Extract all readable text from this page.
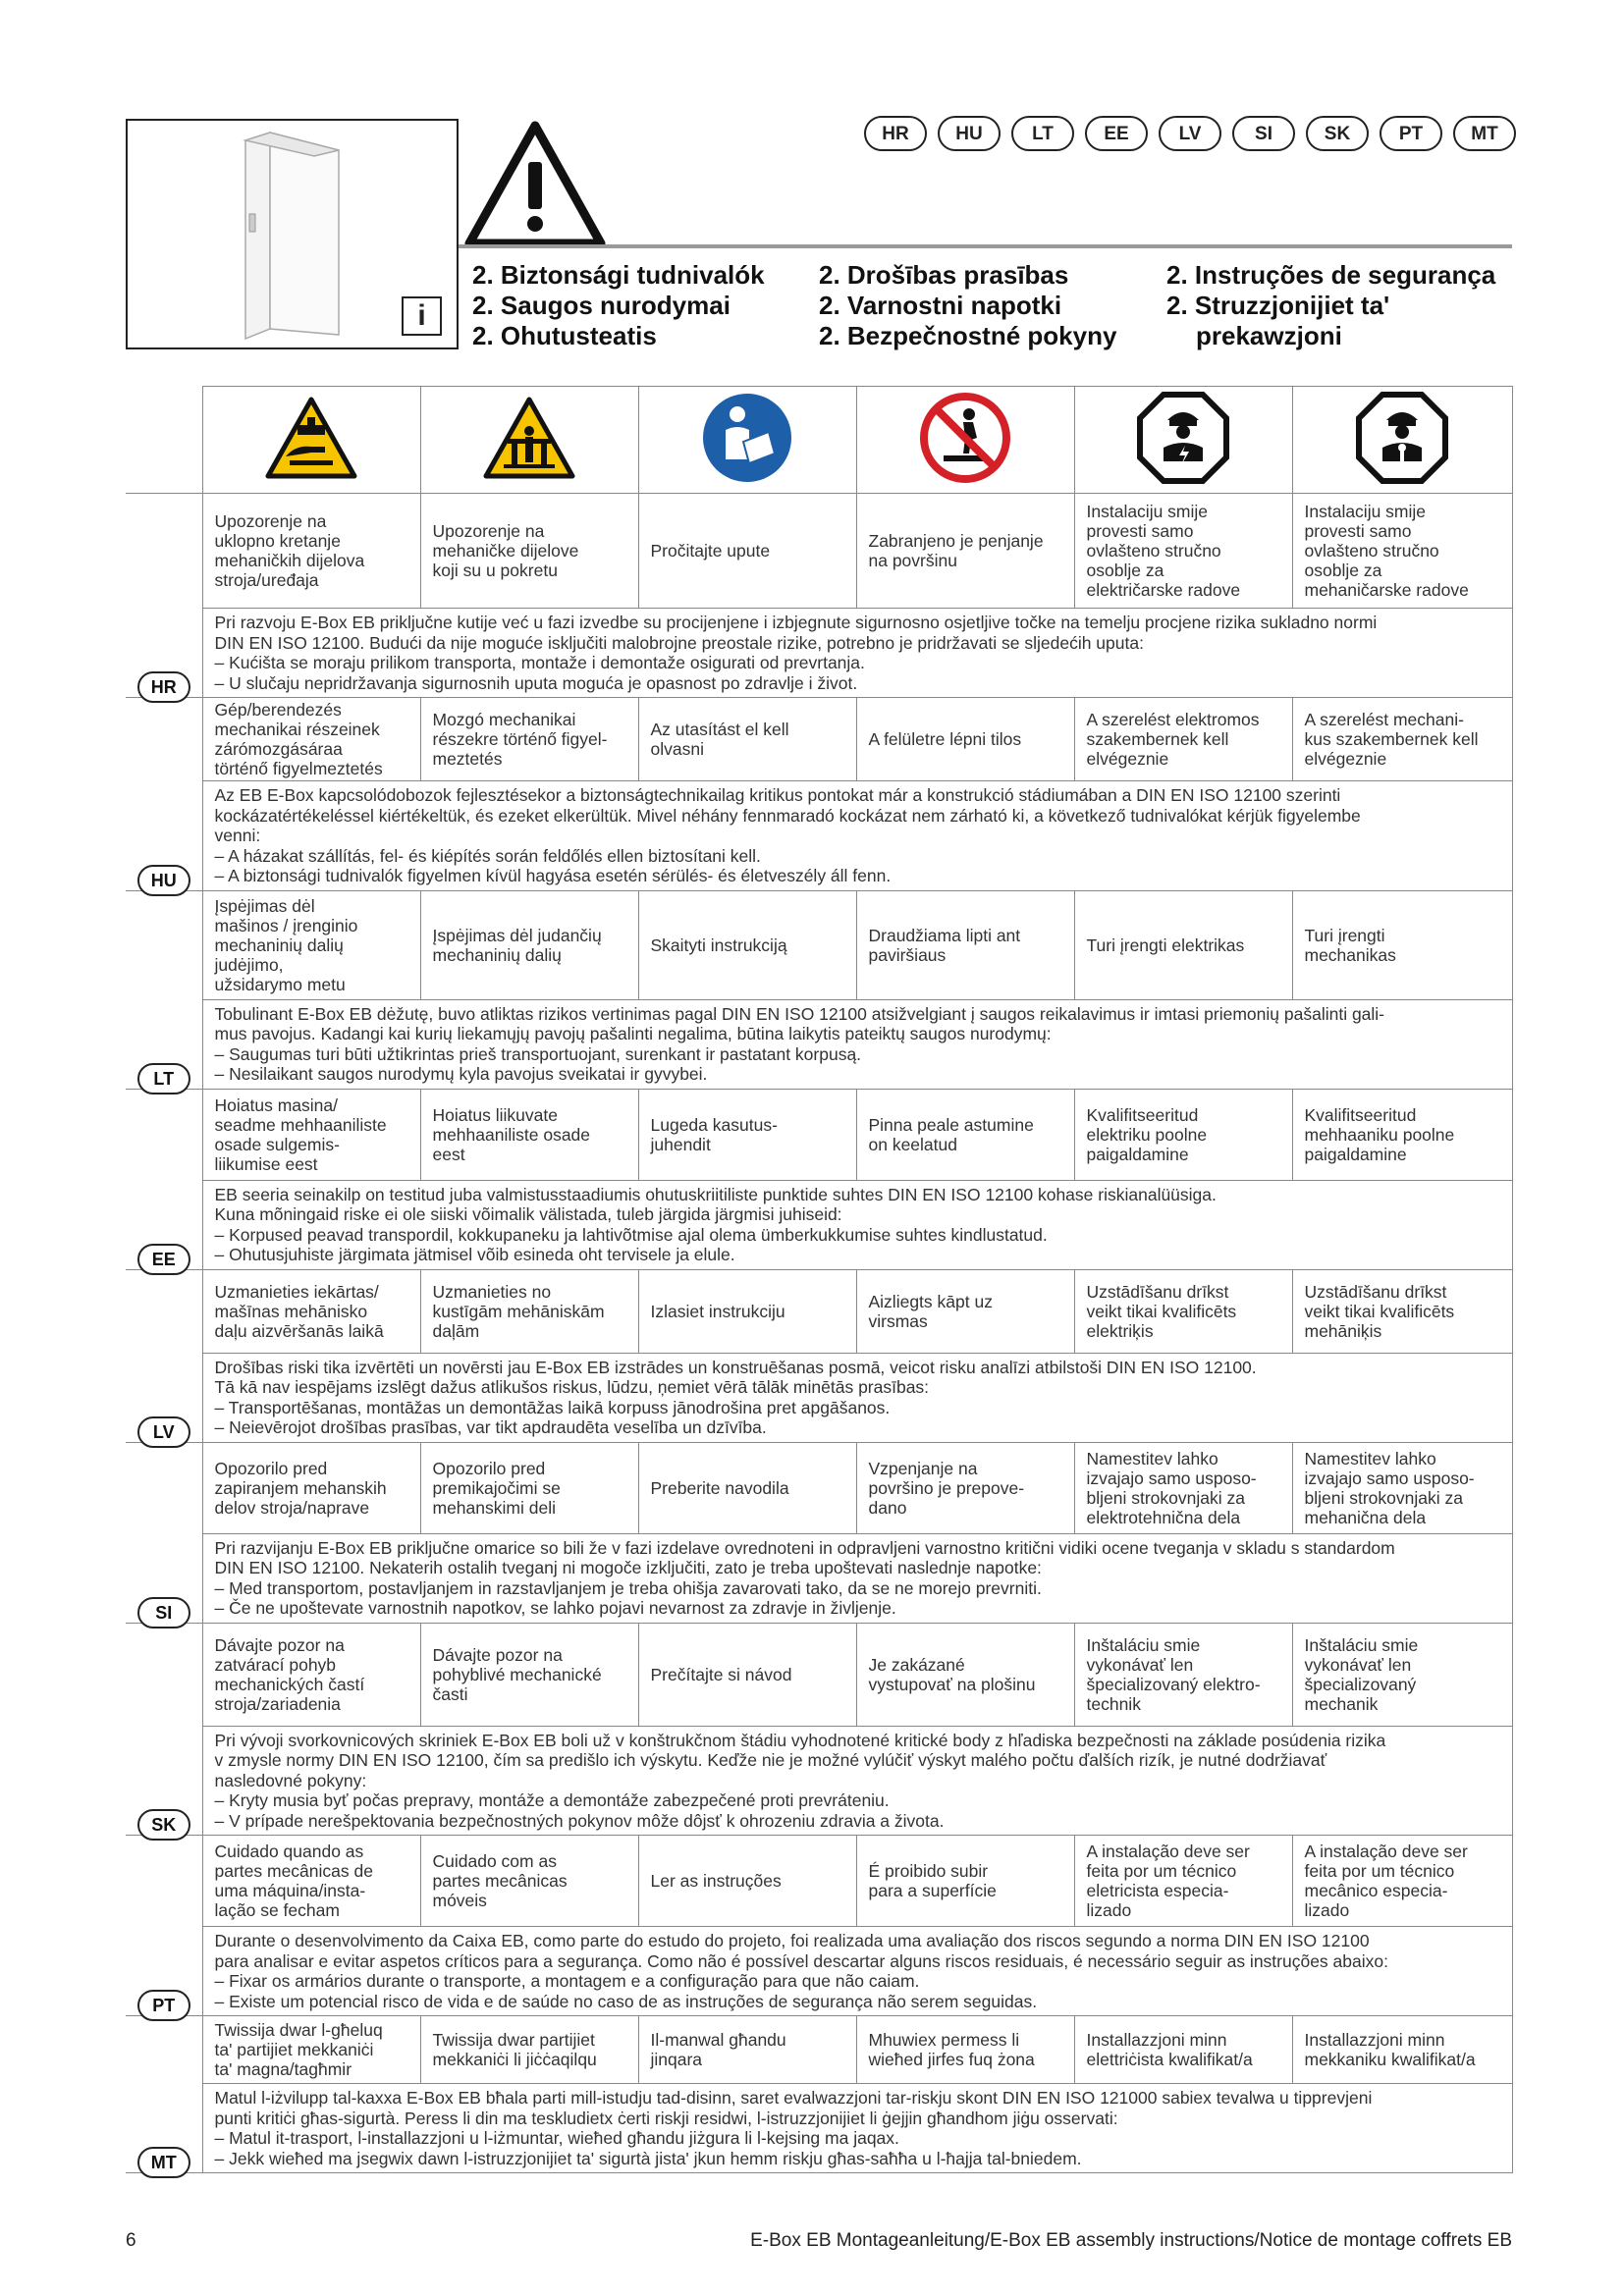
i
HR	HU	LT	EE	LV	SI	SK	PT	MT
2. Biztonsági tudnivalók
2. Saugos nurodymai
2. Ohutusteatis
2. Drošības prasības
2. Varnostni napotki
2. Bezpečnostné pokyny
2. Instruções de segurança
2. Struzzjonijiet ta'
prekawzjoni

HR	Upozorenje na
uklopno kretanje
mehaničkih dijelova
stroja/uređaja	Upozorenje na
mehaničke dijelove
koji su u pokretu	Pročitajte upute	Zabranjeno je penjanje
na površinu	Instalaciju smije
provesti samo
ovlašteno stručno
osoblje za
električarske radove	Instalaciju smije
provesti samo
ovlašteno stručno
osoblje za
mehaničarske radove

	Pri razvoju E-Box EB priključne kutije već u fazi izvedbe su procijenjene i izbjegnute sigurnosno osjetljive točke na temelju procjene rizika sukladno normi
DIN EN ISO 12100. Budući da nije moguće isključiti malobrojne preostale rizike, potrebno je pridržavati se sljedećih uputa:
– Kućišta se moraju prilikom transporta, montaže i demontaže osigurati od prevrtanja.
– U slučaju nepridržavanja sigurnosnih uputa moguća je opasnost po zdravlje i život.					

HU	Gép/berendezés
mechanikai részeinek
zárómozgásáraa
történő figyelmeztetés	Mozgó mechanikai
részekre történő figyel-
meztetés	Az utasítást el kell
olvasni	A felületre lépni tilos	A szerelést elektromos
szakembernek kell
elvégeznie	A szerelést mechani-
kus szakembernek kell
elvégeznie

	Az EB E-Box kapcsolódobozok fejlesztésekor a biztonságtechnikailag kritikus pontokat már a konstrukció stádiumában a DIN EN ISO 12100 szerinti
kockázatértékeléssel kiértékeltük, és ezeket elkerültük. Mivel néhány fennmaradó kockázat nem zárható ki, a következő tudnivalókat kérjük figyelembe
venni:
– A házakat szállítás, fel- és kiépítés során feldőlés ellen biztosítani kell.
– A biztonsági tudnivalók figyelmen kívül hagyása esetén sérülés- és életveszély áll fenn.					

LT	Įspėjimas dėl
mašinos / įrenginio
mechaninių dalių
judėjimo,
užsidarymo metu	Įspėjimas dėl judančių
mechaninių dalių	Skaityti instrukciją	Draudžiama lipti ant
paviršiaus	Turi įrengti elektrikas	Turi įrengti
mechanikas

	Tobulinant E-Box EB dėžutę, buvo atliktas rizikos vertinimas pagal DIN EN ISO 12100 atsižvelgiant į saugos reikalavimus ir imtasi priemonių pašalinti gali-
mus pavojus. Kadangi kai kurių liekamųjų pavojų pašalinti negalima, būtina laikytis pateiktų saugos nurodymų:
– Saugumas turi būti užtikrintas prieš transportuojant, surenkant ir pastatant korpusą.
– Nesilaikant saugos nurodymų kyla pavojus sveikatai ir gyvybei.					

EE	Hoiatus masina/
seadme mehhaaniliste
osade sulgemis-
liikumise eest	Hoiatus liikuvate
mehhaaniliste osade
eest	Lugeda kasutus-
juhendit	Pinna peale astumine
on keelatud	Kvalifitseeritud
elektriku poolne
paigaldamine	Kvalifitseeritud
mehhaaniku poolne
paigaldamine

	EB seeria seinakilp on testitud juba valmistusstaadiumis ohutuskriitiliste punktide suhtes DIN EN ISO 12100 kohase riskianalüüsiga.
Kuna mõningaid riske ei ole siiski võimalik välistada, tuleb järgida järgmisi juhiseid:
– Korpused peavad transpordil, kokkupaneku ja lahtivõtmise ajal olema ümberkukkumise suhtes kindlustatud.
– Ohutusjuhiste järgimata jätmisel võib esineda oht tervisele ja elule.					

LV	Uzmanieties iekārtas/
mašīnas mehānisko
daļu aizvēršanās laikā	Uzmanieties no
kustīgām mehāniskām
daļām	Izlasiet instrukciju	Aizliegts kāpt uz
virsmas	Uzstādīšanu drīkst
veikt tikai kvalificēts
elektriķis	Uzstādīšanu drīkst
veikt tikai kvalificēts
mehāniķis

	Drošības riski tika izvērtēti un novērsti jau E-Box EB izstrādes un konstruēšanas posmā, veicot risku analīzi atbilstoši DIN EN ISO 12100.
Tā kā nav iespējams izslēgt dažus atlikušos riskus, lūdzu, ņemiet vērā tālāk minētās prasības:
– Transportēšanas, montāžas un demontāžas laikā korpuss jānodrošina pret apgāšanos.
– Neievērojot drošības prasības, var tikt apdraudēta veselība un dzīvība.					

SI	Opozorilo pred
zapiranjem mehanskih
delov stroja/naprave	Opozorilo pred
premikajočimi se
mehanskimi deli	Preberite navodila	Vzpenjanje na
površino je prepove-
dano	Namestitev lahko
izvajajo samo usposo-
bljeni strokovnjaki za
elektrotehnična dela	Namestitev lahko
izvajajo samo usposo-
bljeni strokovnjaki za
mehanična dela

	Pri razvijanju E-Box EB priključne omarice so bili že v fazi izdelave ovrednoteni in odpravljeni varnostno kritični vidiki ocene tveganja v skladu s standardom
DIN EN ISO 12100. Nekaterih ostalih tveganj ni mogoče izključiti, zato je treba upoštevati naslednje napotke:
– Med transportom, postavljanjem in razstavljanjem je treba ohišja zavarovati tako, da se ne morejo prevrniti.
– Če ne upoštevate varnostnih napotkov, se lahko pojavi nevarnost za zdravje in življenje.					

SK	Dávajte pozor na
zatvárací pohyb
mechanických častí
stroja/zariadenia	Dávajte pozor na
pohyblivé mechanické
časti	Prečítajte si návod	Je zakázané
vystupovať na plošinu	Inštaláciu smie
vykonávať len
špecializovaný elektro-
technik	Inštaláciu smie
vykonávať len
špecializovaný
mechanik

	Pri vývoji svorkovnicových skriniek E-Box EB boli už v konštrukčnom štádiu vyhodnotené kritické body z hľadiska bezpečnosti na základe posúdenia rizika
v zmysle normy DIN EN ISO 12100, čím sa predišlo ich výskytu. Keďže nie je možné vylúčiť výskyt malého počtu ďalších rizík, je nutné dodržiavať
nasledovné pokyny:
– Kryty musia byť počas prepravy, montáže a demontáže zabezpečené proti prevráteniu.
– V prípade nerešpektovania bezpečnostných pokynov môže dôjsť k ohrozeniu zdravia a života.					

PT	Cuidado quando as
partes mecânicas de
uma máquina/insta-
lação se fecham	Cuidado com as
partes mecânicas
móveis	Ler as instruções	É proibido subir
para a superfície	A instalação deve ser
feita por um técnico
eletricista especia-
lizado	A instalação deve ser
feita por um técnico
mecânico especia-
lizado

	Durante o desenvolvimento da Caixa EB, como parte do estudo do projeto, foi realizada uma avaliação dos riscos segundo a norma DIN EN ISO 12100
para analisar e evitar aspetos críticos para a segurança. Como não é possível descartar alguns riscos residuais, é necessário seguir as instruções abaixo:
– Fixar os armários durante o transporte, a montagem e a configuração para que não caiam.
– Existe um potencial risco de vida e de saúde no caso de as instruções de segurança não serem seguidas.					

MT	Twissija dwar l-għeluq
ta' partijiet mekkaniċi
ta' magna/tagħmir	Twissija dwar partijiet
mekkaniċi li jiċċaqilqu	Il-manwal għandu
jinqara	Mhuwiex permess li
wieħed jirfes fuq żona	Installazzjoni minn
elettriċista kwalifikat/a	Installazzjoni minn
mekkaniku kwalifikat/a

	Matul l-iżvilupp tal-kaxxa E-Box EB bħala parti mill-istudju tad-disinn, saret evalwazzjoni tar-riskju skont DIN EN ISO 121000 sabiex tevalwa u tipprevjeni
punti kritiċi għas-sigurtà. Peress li din ma teskludietx ċerti riskji residwi, l-istruzzjonijiet li ġejjin għandhom jiġu osservati:
– Matul it-trasport, l-installazzjoni u l-iżmuntar, wieħed għandu jiżgura li l-kejsing ma jaqax.
– Jekk wieħed ma jsegwix dawn l-istruzzjonijiet ta' sigurtà jista' jkun hemm riskju għas-saħħa u l-ħajja tal-bniedem.					
6	E-Box EB Montageanleitung/E-Box EB assembly instructions/Notice de montage coffrets EB
